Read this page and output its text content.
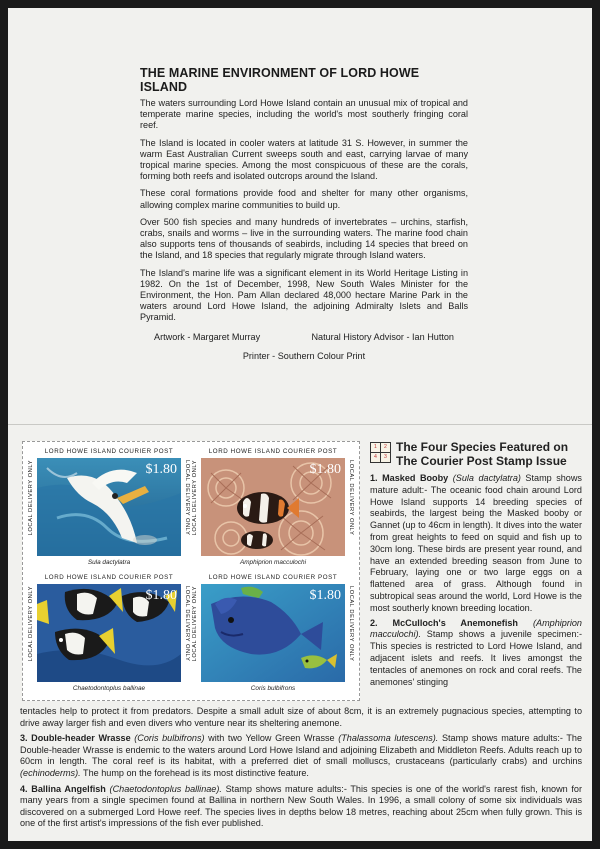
THE MARINE ENVIRONMENT OF LORD HOWE ISLAND

The waters surrounding Lord Howe Island contain an unusual mix of tropical and temperate marine species, including the world's most southerly fringing coral reef.

The Island is located in cooler waters at latitude 31 S. However, in summer the warm East Australian Current sweeps south and east, carrying larvae of many tropical marine species. Among the most conspicuous of these are the corals, forming both reefs and isolated outcrops around the Island.

These coral formations provide food and shelter for many other organisms, allowing complex marine communities to build up.

Over 500 fish species and many hundreds of invertebrates – urchins, starfish, crabs, snails and worms – live in the surrounding waters. The marine food chain also supports tens of thousands of seabirds, including 14 species that breed on the Island, and 18 species that regularly migrate through Island waters.

The Island's marine life was a significant element in its World Heritage Listing in 1982. On the 1st of December, 1998, New South Wales Minister for the Environment, the Hon. Pam Allan declared 48,000 hectare Marine Park in the waters around Lord Howe Island, the adjoining Admiralty Islets and Balls Pyramid.

Artwork - Margaret Murray	Natural History Advisor - Ian Hutton
Printer - Southern Colour Print
LORD HOWE ISLAND COURIER POST
LOCAL DELIVERY ONLY	LOCAL DELIVERY ONLY
$1.80
Sula dactylatra
LORD HOWE ISLAND COURIER POST
LOCAL DELIVERY ONLY	LOCAL DELIVERY ONLY
$1.80
Amphiprion macculochi
LORD HOWE ISLAND COURIER POST
LOCAL DELIVERY ONLY	LOCAL DELIVERY ONLY
$1.80
Chaetodontoplus ballinae
LORD HOWE ISLAND COURIER POST
LOCAL DELIVERY ONLY	LOCAL DELIVERY ONLY
$1.80
Coris bulbifrons
1	2
4	3
The Four Species Featured on The Courier Post Stamp Issue

1. Masked Booby (Sula dactylatra) Stamp shows mature adult:- The oceanic food chain around Lord Howe Island supports 14 breeding species of seabirds, the largest being the Masked booby or Gannet (up to 46cm in length). It dives into the water from great heights to feed on squid and fish up to 30cm long. These birds are present year round, and have an extended breeding season from June to February, laying one or two large eggs on a flattened area of grass. Although found in subtropical seas around the world, Lord Howe is the most southerly known breeding location.

2. McCulloch's Anemonefish (Amphiprion macculochi). Stamp shows a juvenile specimen:- This species is restricted to Lord Howe Island, and adjacent islets and reefs. It lives amongst the tentacles of anemones on rock and coral reefs. The anemones' stinging

tentacles help to protect it from predators. Despite a small adult size of about 8cm, it is an extremely pugnacious species, attempting to drive away larger fish and even divers who venture near its sheltering anemone.

3. Double-header Wrasse (Coris bulbifrons) with two Yellow Green Wrasse (Thalassoma lutescens). Stamp shows mature adults:- The Double-header Wrasse is endemic to the waters around Lord Howe Island and adjoining Elizabeth and Middleton Reefs. Adults reach up to 60cm in length. The coral reef is its habitat, with a preferred diet of small molluscs, crustaceans (particularly crabs) and urchins (echinoderms). The hump on the forehead is its most distinctive feature.

4. Ballina Angelfish (Chaetodontoplus ballinae). Stamp shows mature adults:- This species is one of the world's rarest fish, known for many years from a single specimen found at Ballina in northern New South Wales. In 1996, a small colony of some six individuals was discovered on a submerged Lord Howe reef. The species lives in depths below 18 metres, reaching about 25cm when fully grown. This is one of the first artist's impressions of the fish ever published.
